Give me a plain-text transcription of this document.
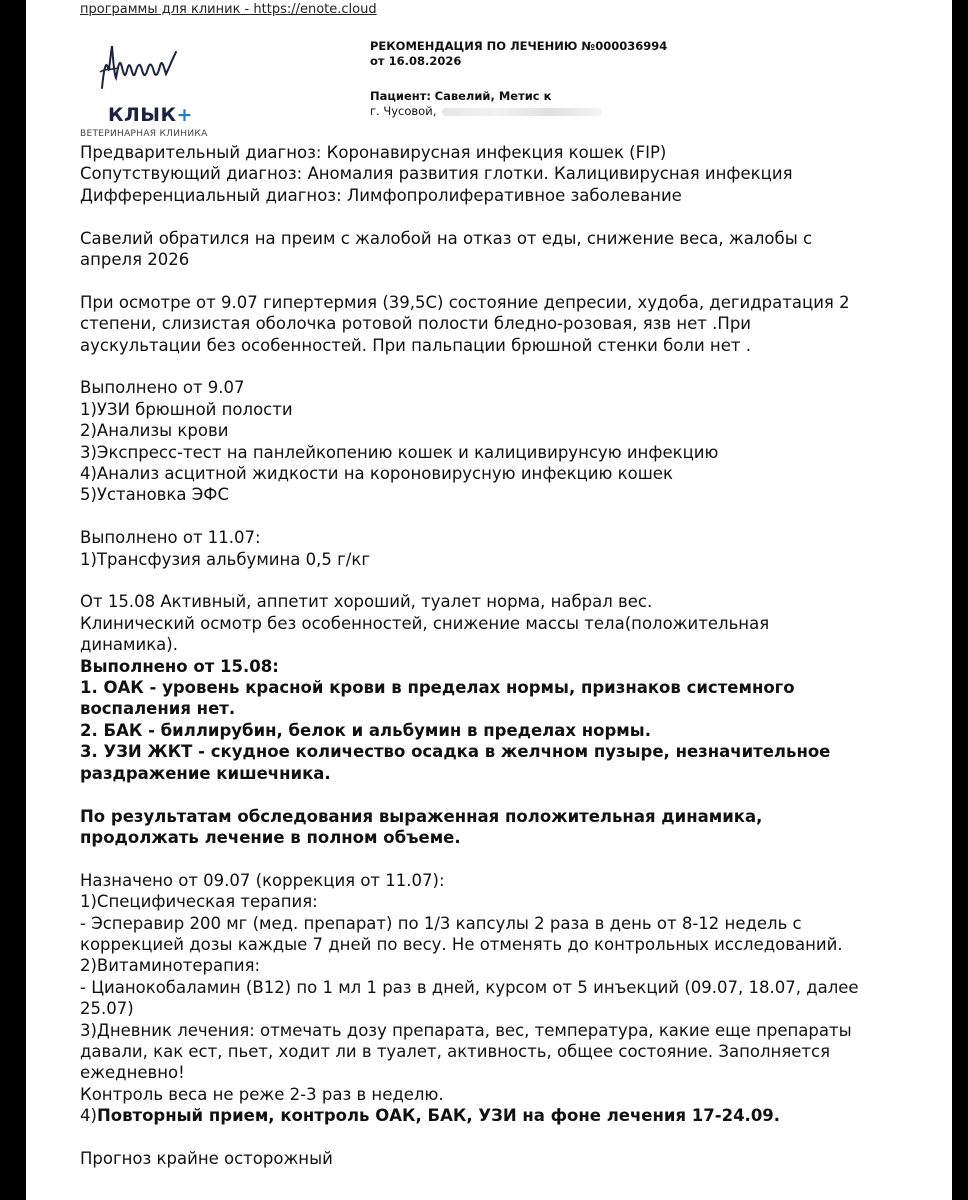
программы для клиник - https://enote.cloud
КЛЫК+
ВЕТЕРИНАРНАЯ КЛИНИКА
РЕКОМЕНДАЦИЯ ПО ЛЕЧЕНИЮ №000036994
от 16.08.2026
Пациент: Савелий, Метис к
г. Чусовой,

Предварительный диагноз: Коронавирусная инфекция кошек (FIP)

Сопутствующий диагноз: Аномалия развития глотки. Калицивирусная инфекция

Дифференциальный диагноз: Лимфопролиферативное заболевание

Савелий обратился на преим с жалобой на отказ от еды, снижение веса, жалобы с

апреля 2026

При осмотре от 9.07 гипертермия (39,5С) состояние депресии, худоба, дегидратация 2

степени, слизистая оболочка ротовой полости бледно-розовая, язв нет .При

аускультации без особенностей. При пальпации брюшной стенки боли нет .

Выполнено от 9.07

1)УЗИ брюшной полости

2)Анализы крови

3)Экспресс-тест на панлейкопению кошек и калицивирунсую инфекцию

4)Анализ асцитной жидкости на короновирусную инфекцию кошек

5)Установка ЭФС

Выполнено от 11.07:

1)Трансфузия альбумина 0,5 г/кг

От 15.08 Активный, аппетит хороший, туалет норма, набрал вес.

Клинический осмотр без особенностей, снижение массы тела(положительная

динамика).

Выполнено от 15.08:

1. ОАК - уровень красной крови в пределах нормы, признаков системного

воспаления нет.

2. БАК - биллирубин, белок и альбумин в пределах нормы.

3. УЗИ ЖКТ - скудное количество осадка в желчном пузыре, незначительное

раздражение кишечника.

По результатам обследования выраженная положительная динамика,

продолжать лечение в полном объеме.

Назначено от 09.07 (коррекция от 11.07):

1)Специфическая терапия:

- Эсперавир 200 мг (мед. препарат) по 1/3 капсулы 2 раза в день от 8-12 недель с

коррекцией дозы каждые 7 дней по весу. Не отменять до контрольных исследований.

2)Витаминотерапия:

- Цианокобаламин (В12) по 1 мл 1 раз в дней, курсом от 5 инъекций (09.07, 18.07, далее

25.07)

3)Дневник лечения: отмечать дозу препарата, вес, температура, какие еще препараты

давали, как ест, пьет, ходит ли в туалет, активность, общее состояние. Заполняется

ежедневно!

Контроль веса не реже 2-3 раз в неделю.

4)Повторный прием, контроль ОАК, БАК, УЗИ на фоне лечения 17-24.09.

Прогноз крайне осторожный
